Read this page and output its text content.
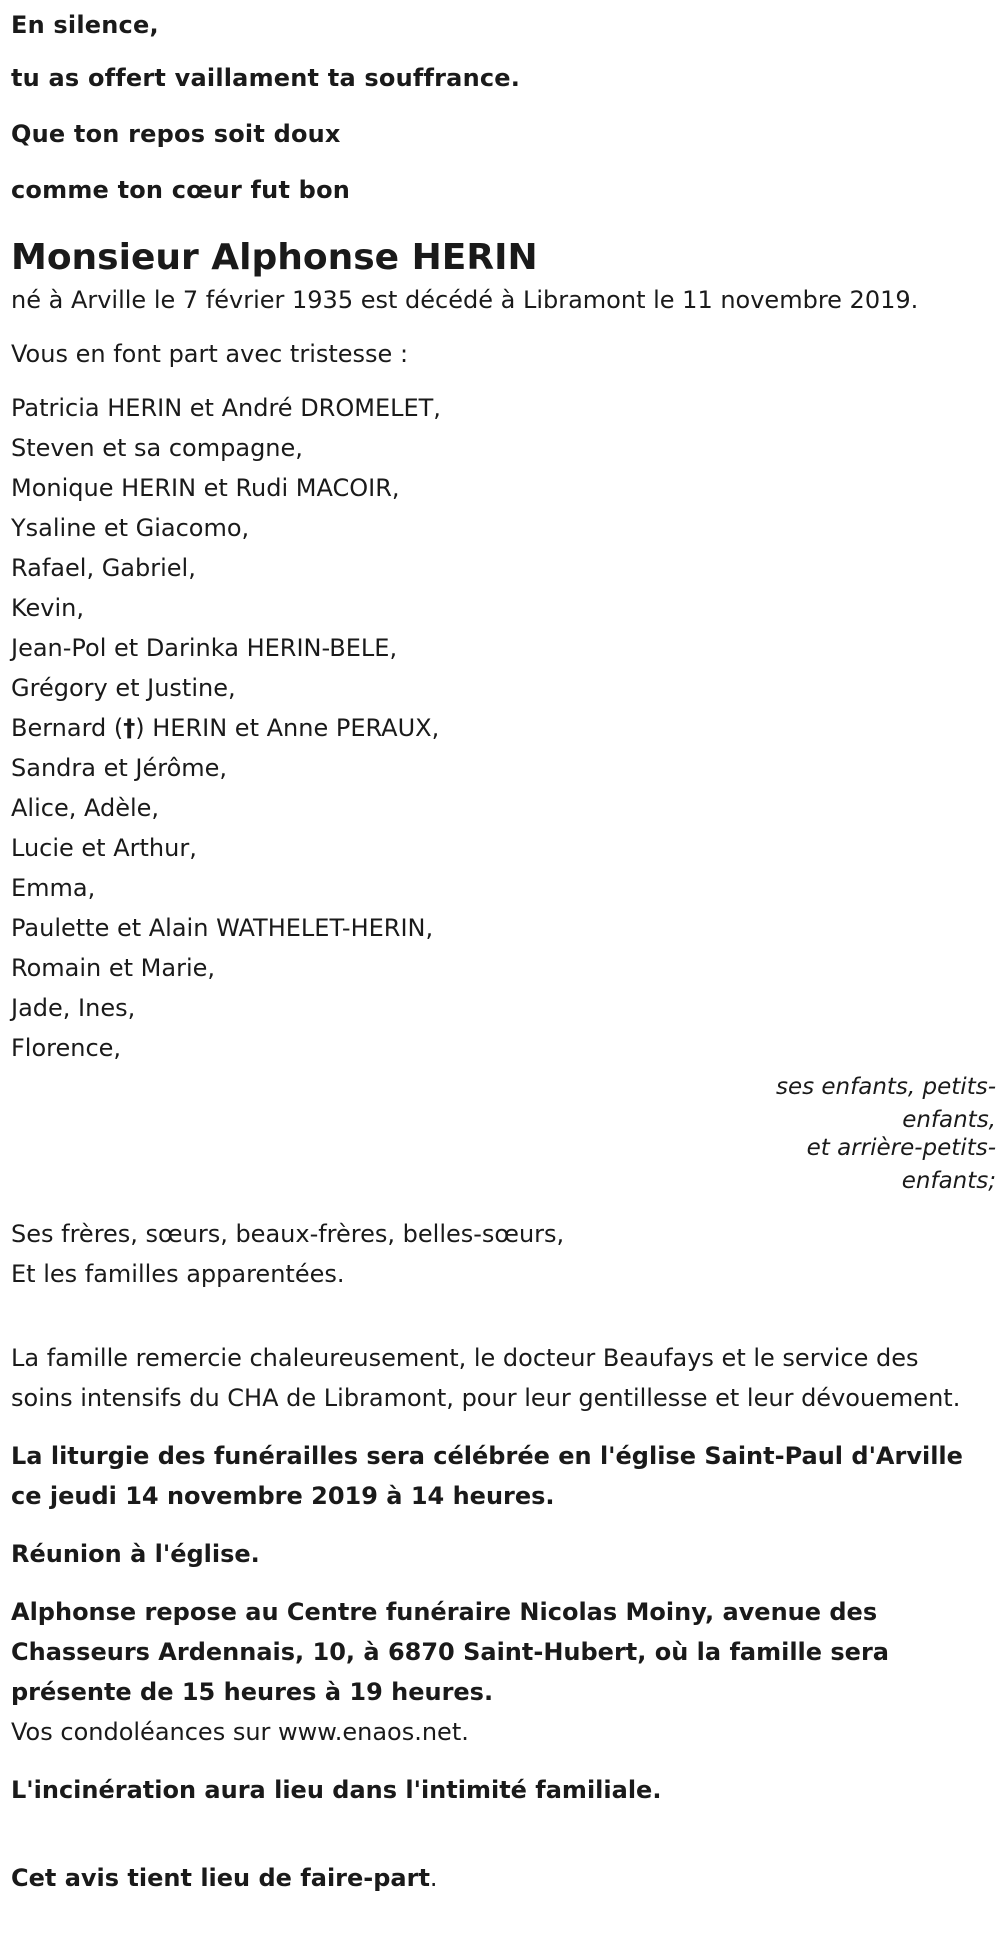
En silence,

tu as offert vaillament ta souffrance.

Que ton repos soit doux

comme ton cœur fut bon

Monsieur Alphonse HERIN

né à Arville le 7 février 1935 est décédé à Libramont le 11 novembre 2019.

Vous en font part avec tristesse :

Patricia HERIN et André DROMELET,
Steven et sa compagne,
Monique HERIN et Rudi MACOIR,
Ysaline et Giacomo,
Rafael, Gabriel,
Kevin,
Jean-Pol et Darinka HERIN-BELE,
Grégory et Justine,
Bernard (†) HERIN et Anne PERAUX,
Sandra et Jérôme,
Alice, Adèle,
Lucie et Arthur,
Emma,
Paulette et Alain WATHELET-HERIN,
Romain et Marie,
Jade, Ines,
Florence,
ses enfants, petits-
enfants,
et arrière-petits-
enfants;
Ses frères, sœurs, beaux-frères, belles-sœurs,
Et les familles apparentées.

La famille remercie chaleureusement, le docteur Beaufays et le service des soins intensifs du CHA de Libramont, pour leur gentillesse et leur dévouement.

La liturgie des funérailles sera célébrée en l'église Saint-Paul d'Arville ce jeudi 14 novembre 2019 à 14 heures.

Réunion à l'église.

Alphonse repose au Centre funéraire Nicolas Moiny, avenue des Chasseurs Ardennais, 10, à 6870 Saint-Hubert, où la famille sera présente de 15 heures à 19 heures.

Vos condoléances sur www.enaos.net.

L'incinération aura lieu dans l'intimité familiale.

Cet avis tient lieu de faire-part.
